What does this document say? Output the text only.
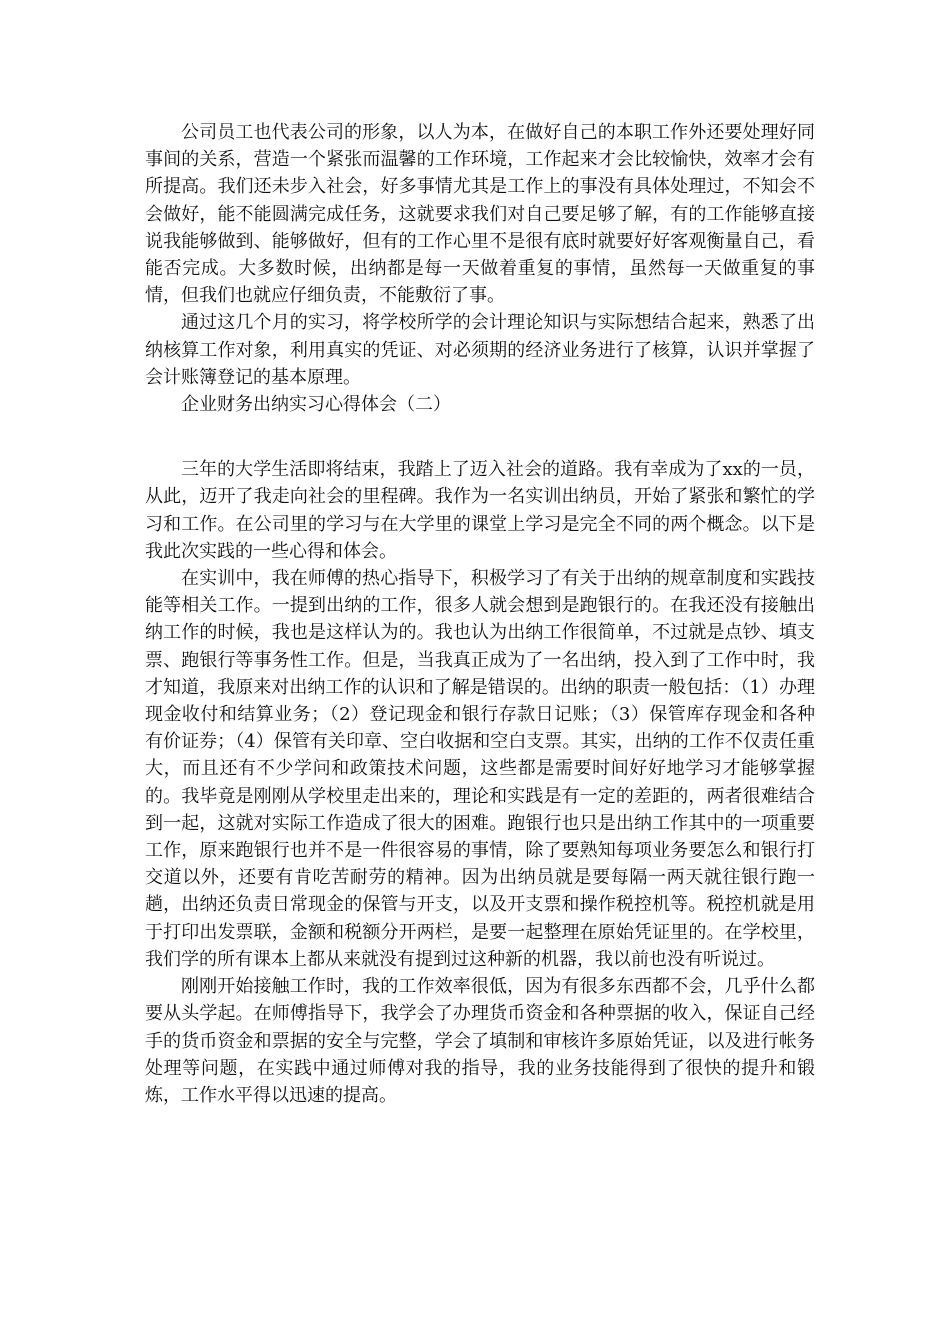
公司员工也代表公司的形象，以人为本，在做好自己的本职工作外还要处理好同事间的关系，营造一个紧张而温馨的工作环境，工作起来才会比较愉快，效率才会有所提高。我们还未步入社会，好多事情尤其是工作上的事没有具体处理过，不知会不会做好，能不能圆满完成任务，这就要求我们对自己要足够了解，有的工作能够直接说我能够做到、能够做好，但有的工作心里不是很有底时就要好好客观衡量自己，看能否完成。大多数时候，出纳都是每一天做着重复的事情，虽然每一天做重复的事情，但我们也就应仔细负责，不能敷衍了事。

通过这几个月的实习，将学校所学的会计理论知识与实际想结合起来，熟悉了出纳核算工作对象，利用真实的凭证、对必须期的经济业务进行了核算，认识并掌握了会计账簿登记的基本原理。

企业财务出纳实习心得体会（二）

三年的大学生活即将结束，我踏上了迈入社会的道路。我有幸成为了xx的一员，从此，迈开了我走向社会的里程碑。我作为一名实训出纳员，开始了紧张和繁忙的学习和工作。在公司里的学习与在大学里的课堂上学习是完全不同的两个概念。以下是我此次实践的一些心得和体会。

在实训中，我在师傅的热心指导下，积极学习了有关于出纳的规章制度和实践技能等相关工作。一提到出纳的工作，很多人就会想到是跑银行的。在我还没有接触出纳工作的时候，我也是这样认为的。我也认为出纳工作很简单，不过就是点钞、填支票、跑银行等事务性工作。但是，当我真正成为了一名出纳，投入到了工作中时，我才知道，我原来对出纳工作的认识和了解是错误的。出纳的职责一般包括：（1）办理现金收付和结算业务；（2）登记现金和银行存款日记账；（3）保管库存现金和各种有价证券；（4）保管有关印章、空白收据和空白支票。其实，出纳的工作不仅责任重大，而且还有不少学问和政策技术问题，这些都是需要时间好好地学习才能够掌握的。我毕竟是刚刚从学校里走出来的，理论和实践是有一定的差距的，两者很难结合到一起，这就对实际工作造成了很大的困难。跑银行也只是出纳工作其中的一项重要工作，原来跑银行也并不是一件很容易的事情，除了要熟知每项业务要怎么和银行打交道以外，还要有肯吃苦耐劳的精神。因为出纳员就是要每隔一两天就往银行跑一趟，出纳还负责日常现金的保管与开支，以及开支票和操作税控机等。税控机就是用于打印出发票联，金额和税额分开两栏，是要一起整理在原始凭证里的。在学校里，我们学的所有课本上都从来就没有提到过这种新的机器，我以前也没有听说过。

刚刚开始接触工作时，我的工作效率很低，因为有很多东西都不会，几乎什么都要从头学起。在师傅指导下，我学会了办理货币资金和各种票据的收入，保证自己经手的货币资金和票据的安全与完整，学会了填制和审核许多原始凭证，以及进行帐务处理等问题，在实践中通过师傅对我的指导，我的业务技能得到了很快的提升和锻炼，工作水平得以迅速的提高。
